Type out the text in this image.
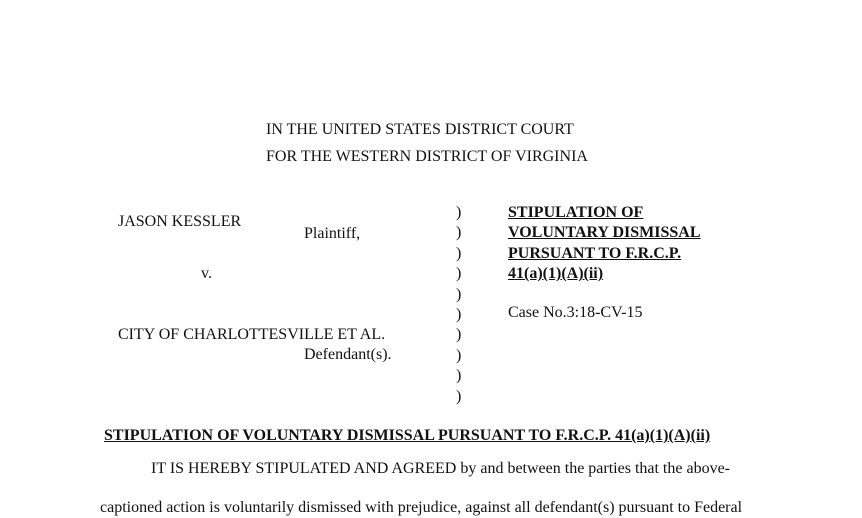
IN THE UNITED STATES DISTRICT COURT
FOR THE WESTERN DISTRICT OF VIRGINIA
JASON KESSLER
Plaintiff,
v.
CITY OF CHARLOTTESVILLE ET AL.
Defendant(s).
)
)
)
)
)
)
)
)
)
)
STIPULATION OF
VOLUNTARY DISMISSAL
PURSUANT TO F.R.C.P.
41(a)(1)(A)(ii)
Case No.3:18-CV-15
STIPULATION OF VOLUNTARY DISMISSAL PURSUANT TO F.R.C.P. 41(a)(1)(A)(ii)
IT IS HEREBY STIPULATED AND AGREED by and between the parties that the above-
captioned action is voluntarily dismissed with prejudice, against all defendant(s) pursuant to Federal
